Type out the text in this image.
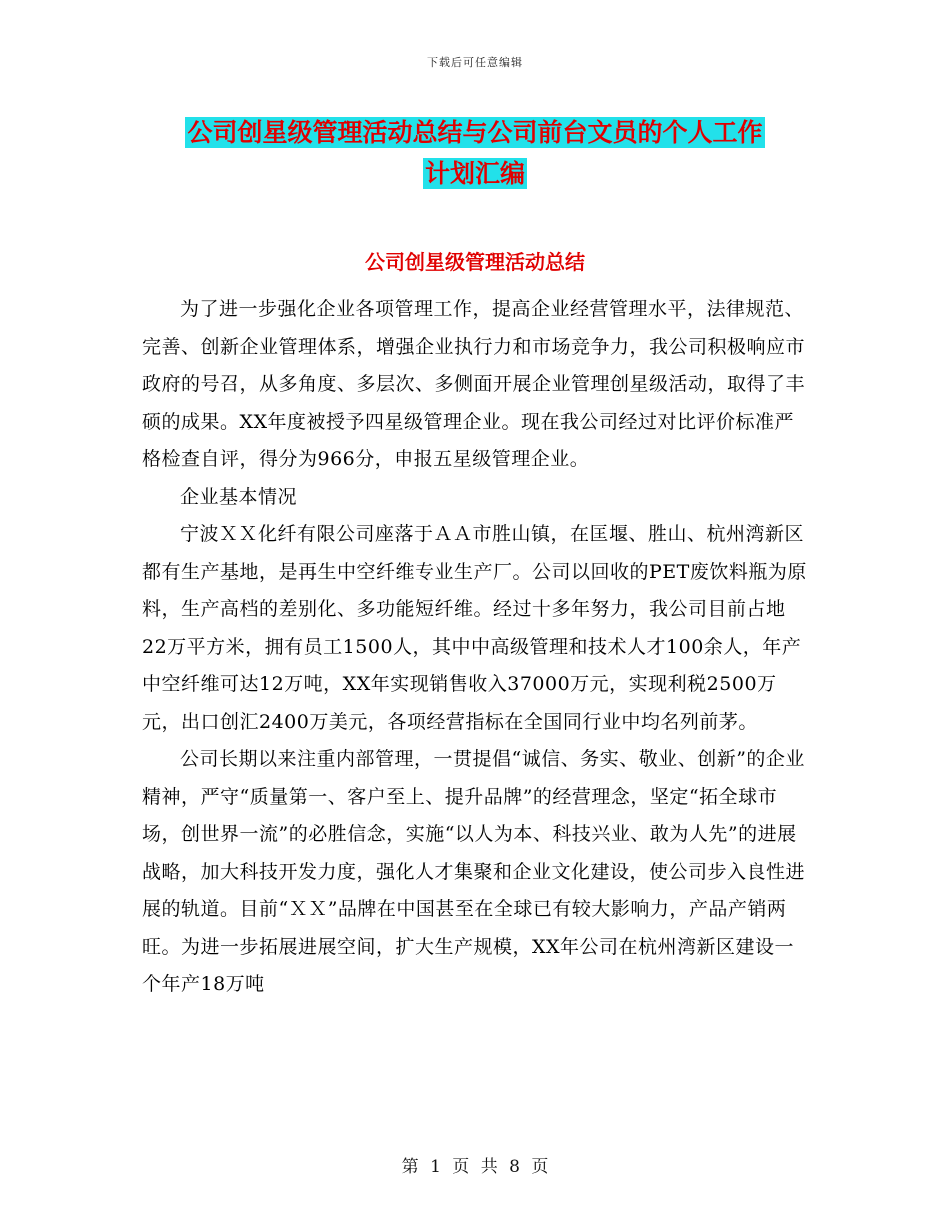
下载后可任意编辑
公司创星级管理活动总结与公司前台文员的个人工作
计划汇编
公司创星级管理活动总结

为了进一步强化企业各项管理工作，提高企业经营管理水平，法律规范、完善、创新企业管理体系，增强企业执行力和市场竞争力，我公司积极响应市政府的号召，从多角度、多层次、多侧面开展企业管理创星级活动，取得了丰硕的成果。XX年度被授予四星级管理企业。现在我公司经过对比评价标准严格检查自评，得分为966分，申报五星级管理企业。

企业基本情况

宁波ＸＸ化纤有限公司座落于ＡＡ市胜山镇，在匡堰、胜山、杭州湾新区都有生产基地，是再生中空纤维专业生产厂。公司以回收的PET废饮料瓶为原料，生产高档的差别化、多功能短纤维。经过十多年努力，我公司目前占地22万平方米，拥有员工1500人，其中中高级管理和技术人才100余人，年产中空纤维可达12万吨，XX年实现销售收入37000万元，实现利税2500万元，出口创汇2400万美元，各项经营指标在全国同行业中均名列前茅。

公司长期以来注重内部管理，一贯提倡“诚信、务实、敬业、创新”的企业精神，严守“质量第一、客户至上、提升品牌”的经营理念，坚定“拓全球市场，创世界一流”的必胜信念，实施“以人为本、科技兴业、敢为人先”的进展战略，加大科技开发力度，强化人才集聚和企业文化建设，使公司步入良性进展的轨道。目前“ＸＸ”品牌在中国甚至在全球已有较大影响力，产品产销两旺。为进一步拓展进展空间，扩大生产规模，XX年公司在杭州湾新区建设一个年产18万吨

第 1 页 共 8 页
